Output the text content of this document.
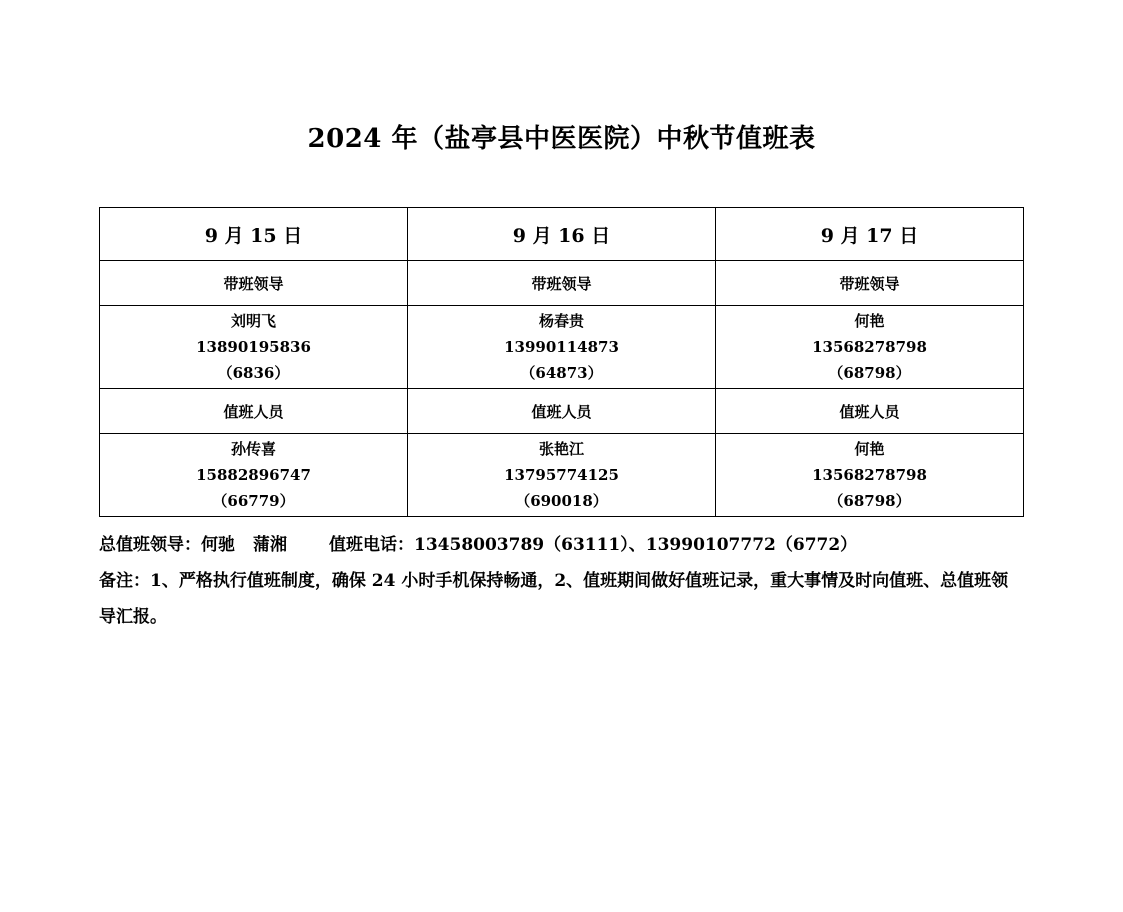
2024 年（盐亭县中医医院）中秋节值班表
9 月 15 日	9 月 16 日	9 月 17 日
带班领导	带班领导	带班领导

刘明飞
13890195836
（6836）	杨春贵
13990114873
（64873）	何艳
13568278798
（68798）

值班人员	值班人员	值班人员

孙传喜
15882896747
（66779）	张艳江
13795774125
（690018）	何艳
13568278798
（68798）
总值班领导：何驰 蒲湘 值班电话：13458003789（63111）、13990107772（6772）
备注：1、严格执行值班制度，确保 24 小时手机保持畅通，2、值班期间做好值班记录，重大事情及时向值班、总值班领导汇报。
